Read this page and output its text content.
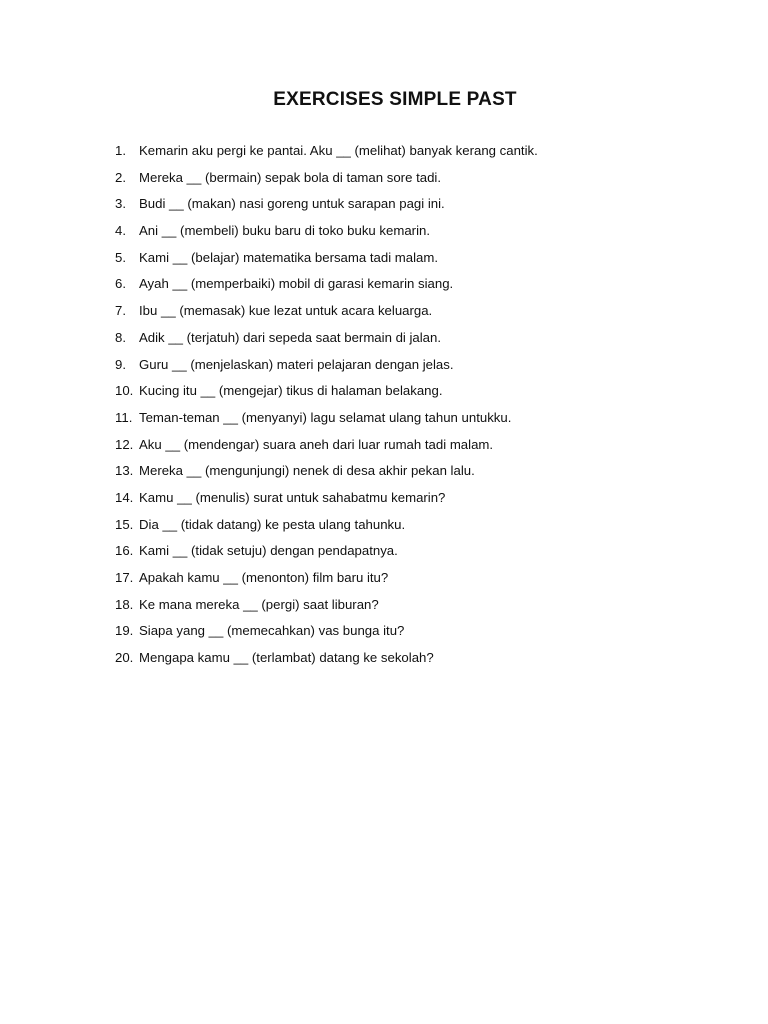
EXERCISES SIMPLE PAST
1. Kemarin aku pergi ke pantai. Aku __ (melihat) banyak kerang cantik.
2. Mereka __ (bermain) sepak bola di taman sore tadi.
3. Budi __ (makan) nasi goreng untuk sarapan pagi ini.
4. Ani __ (membeli) buku baru di toko buku kemarin.
5. Kami __ (belajar) matematika bersama tadi malam.
6. Ayah __ (memperbaiki) mobil di garasi kemarin siang.
7. Ibu __ (memasak) kue lezat untuk acara keluarga.
8. Adik __ (terjatuh) dari sepeda saat bermain di jalan.
9. Guru __ (menjelaskan) materi pelajaran dengan jelas.
10. Kucing itu __ (mengejar) tikus di halaman belakang.
11. Teman-teman __ (menyanyi) lagu selamat ulang tahun untukku.
12. Aku __ (mendengar) suara aneh dari luar rumah tadi malam.
13. Mereka __ (mengunjungi) nenek di desa akhir pekan lalu.
14. Kamu __ (menulis) surat untuk sahabatmu kemarin?
15. Dia __ (tidak datang) ke pesta ulang tahunku.
16. Kami __ (tidak setuju) dengan pendapatnya.
17. Apakah kamu __ (menonton) film baru itu?
18. Ke mana mereka __ (pergi) saat liburan?
19. Siapa yang __ (memecahkan) vas bunga itu?
20. Mengapa kamu __ (terlambat) datang ke sekolah?
